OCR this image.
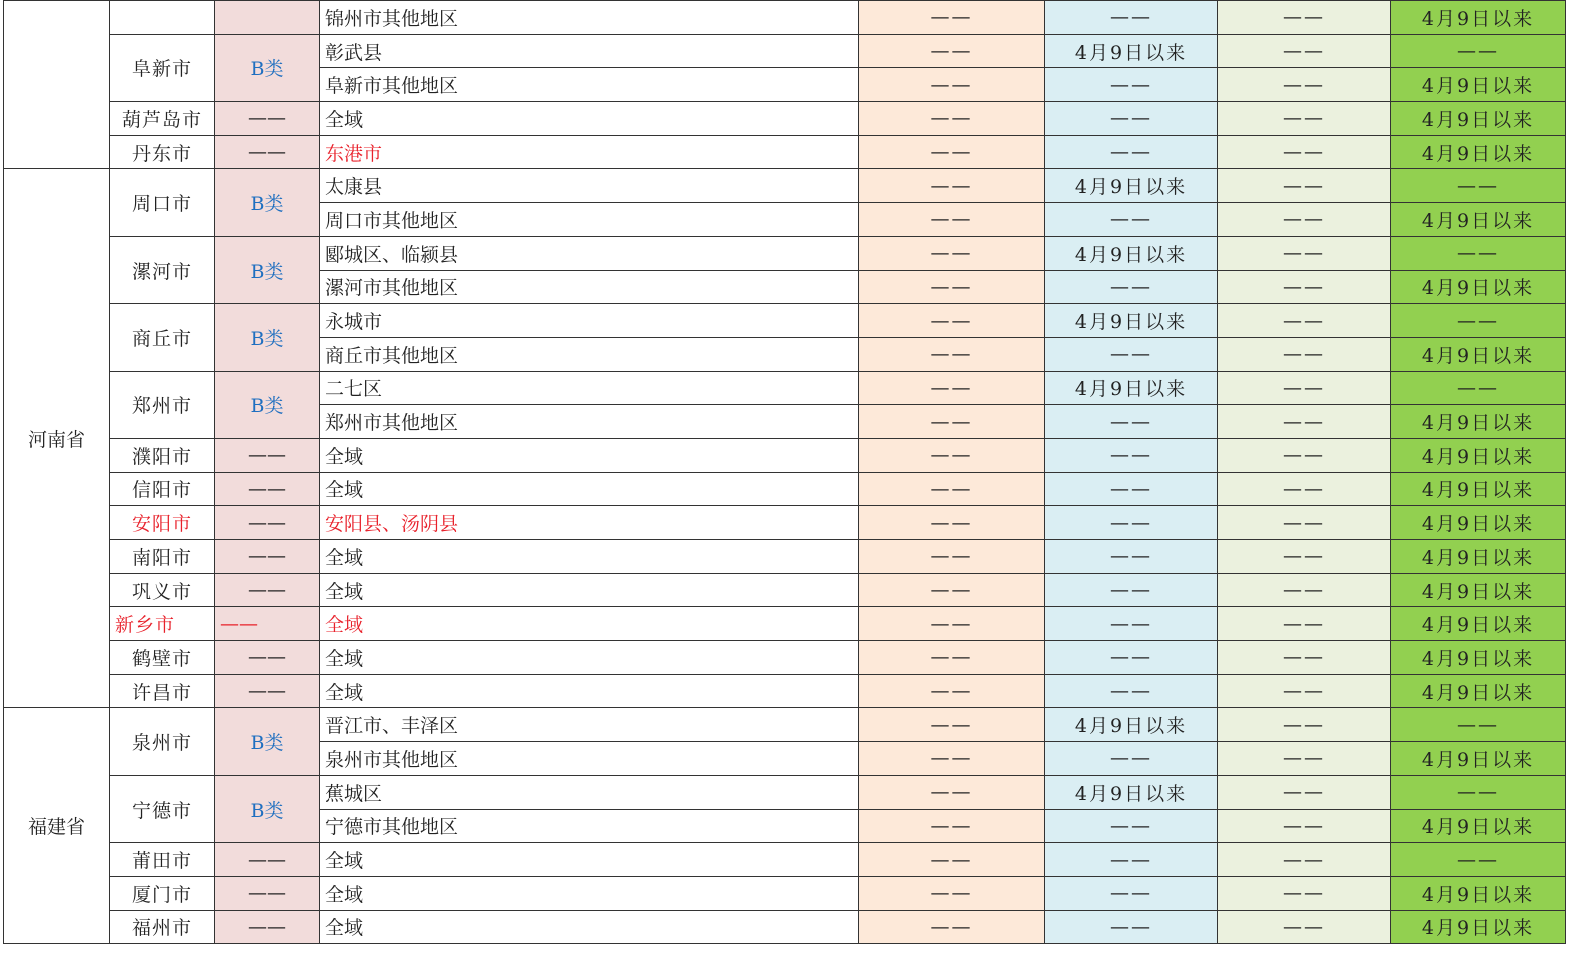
			锦州市其他地区	——	——	——	4月9日以来
	阜新市	B类	彰武县	——	4月9日以来	——	——
			阜新市其他地区	——	——	——	4月9日以来
	葫芦岛市	——	全域	——	——	——	4月9日以来
	丹东市	——	东港市	——	——	——	4月9日以来
河南省	周口市	B类	太康县	——	4月9日以来	——	——
			周口市其他地区	——	——	——	4月9日以来
	漯河市	B类	郾城区、临颍县	——	4月9日以来	——	——
			漯河市其他地区	——	——	——	4月9日以来
	商丘市	B类	永城市	——	4月9日以来	——	——
			商丘市其他地区	——	——	——	4月9日以来
	郑州市	B类	二七区	——	4月9日以来	——	——
			郑州市其他地区	——	——	——	4月9日以来
	濮阳市	——	全域	——	——	——	4月9日以来
	信阳市	——	全域	——	——	——	4月9日以来
	安阳市	——	安阳县、汤阴县	——	——	——	4月9日以来
	南阳市	——	全域	——	——	——	4月9日以来
	巩义市	——	全域	——	——	——	4月9日以来
	新乡市	——	全域	——	——	——	4月9日以来
	鹤壁市	——	全域	——	——	——	4月9日以来
	许昌市	——	全域	——	——	——	4月9日以来
福建省	泉州市	B类	晋江市、丰泽区	——	4月9日以来	——	——
			泉州市其他地区	——	——	——	4月9日以来
	宁德市	B类	蕉城区	——	4月9日以来	——	——
			宁德市其他地区	——	——	——	4月9日以来
	莆田市	——	全域	——	——	——	——
	厦门市	——	全域	——	——	——	4月9日以来
	福州市	——	全域	——	——	——	4月9日以来
